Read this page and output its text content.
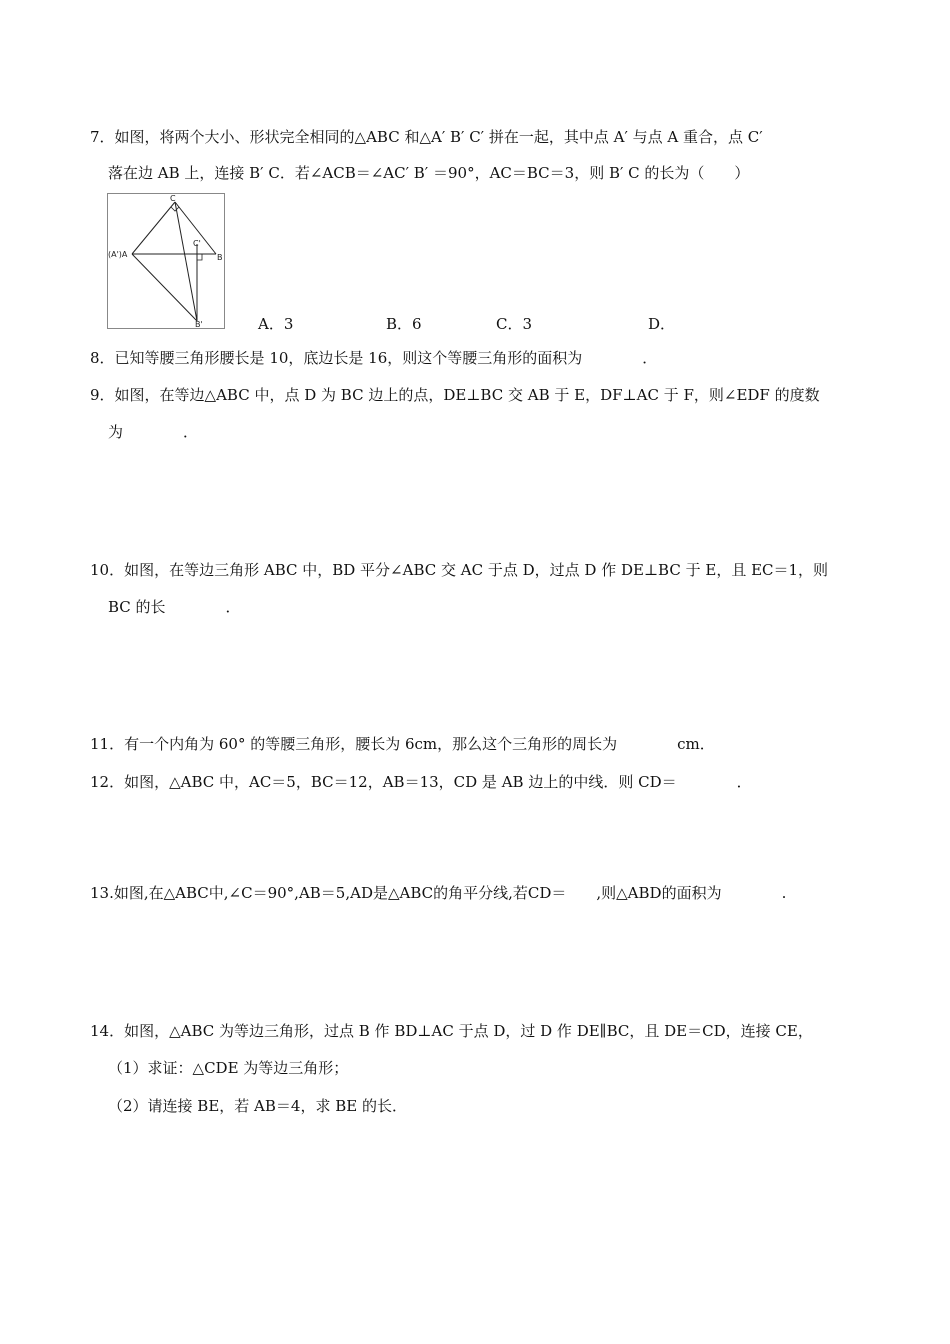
7．如图，将两个大小、形状完全相同的△ABC 和△A′ B′ C′ 拼在一起，其中点 A′ 与点 A 重合，点 C′
落在边 AB 上，连接 B′ C．若∠ACB＝∠AC′ B′ ＝90°，AC＝BC＝3，则 B′ C 的长为（　　）
C
C'
(A')A	B
B'	A．3	B．6	C．3	D．
8．已知等腰三角形腰长是 10，底边长是 16，则这个等腰三角形的面积为　　　　．
9．如图，在等边△ABC 中，点 D 为 BC 边上的点，DE⊥BC 交 AB 于 E，DF⊥AC 于 F，则∠EDF 的度数
为　　　　．
10．如图，在等边三角形 ABC 中，BD 平分∠ABC 交 AC 于点 D，过点 D 作 DE⊥BC 于 E，且 EC＝1，则
BC 的长　　　　．
11．有一个内角为 60° 的等腰三角形，腰长为 6cm，那么这个三角形的周长为　　　　cm．
12．如图，△ABC 中，AC＝5，BC＝12，AB＝13，CD 是 AB 边上的中线．则 CD＝　　　　．
13.如图,在△ABC中,∠C＝90°,AB＝5,AD是△ABC的角平分线,若CD＝　　,则△ABD的面积为　　　　.
14．如图，△ABC 为等边三角形，过点 B 作 BD⊥AC 于点 D，过 D 作 DE∥BC，且 DE＝CD，连接 CE，
（1）求证：△CDE 为等边三角形；
（2）请连接 BE，若 AB＝4，求 BE 的长．
